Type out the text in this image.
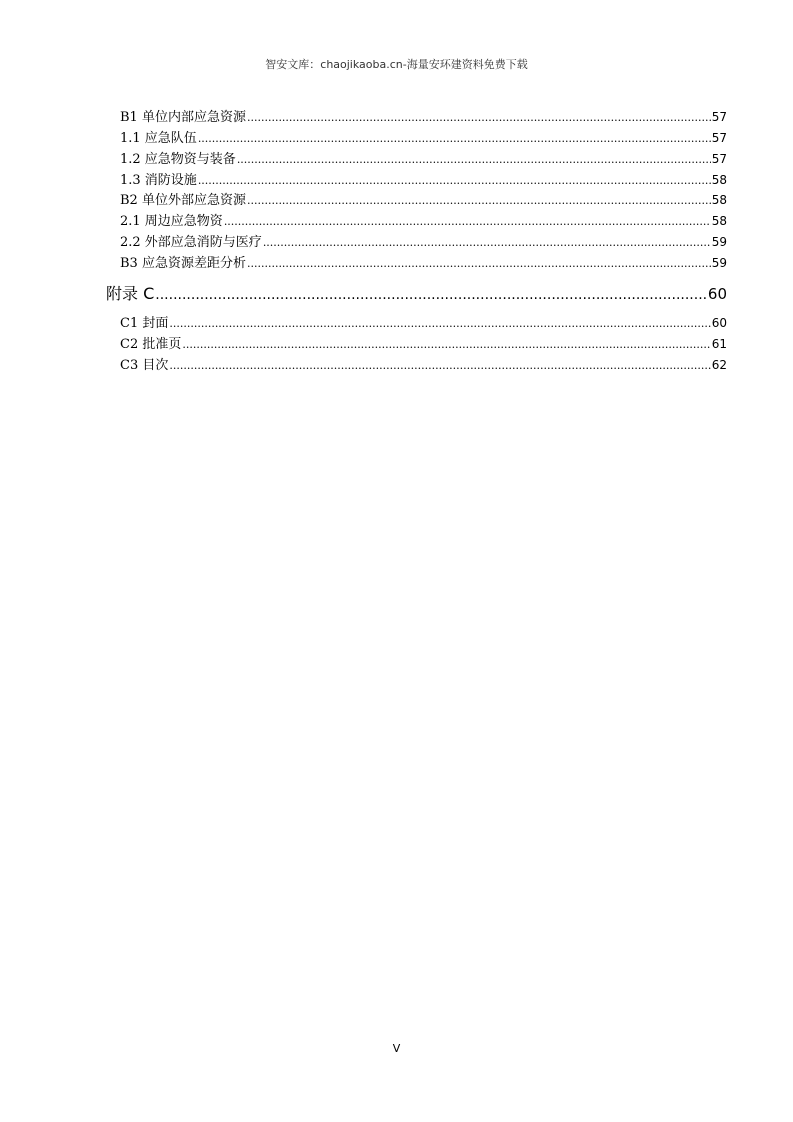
智安文库：chaojikaoba.cn-海量安环建资料免费下载
B1 单位内部应急资源 .....	57
1.1 应急队伍 .....	57
1.2 应急物资与装备 .....	57
1.3 消防设施 .....	58
B2 单位外部应急资源 .....	58
2.1 周边应急物资 .....	58
2.2 外部应急消防与医疗 .....	59
B3 应急资源差距分析 .....	59
附录 C .....	60
C1 封面 .....	60
C2 批准页 .....	61
C3 目次 .....	62
V
